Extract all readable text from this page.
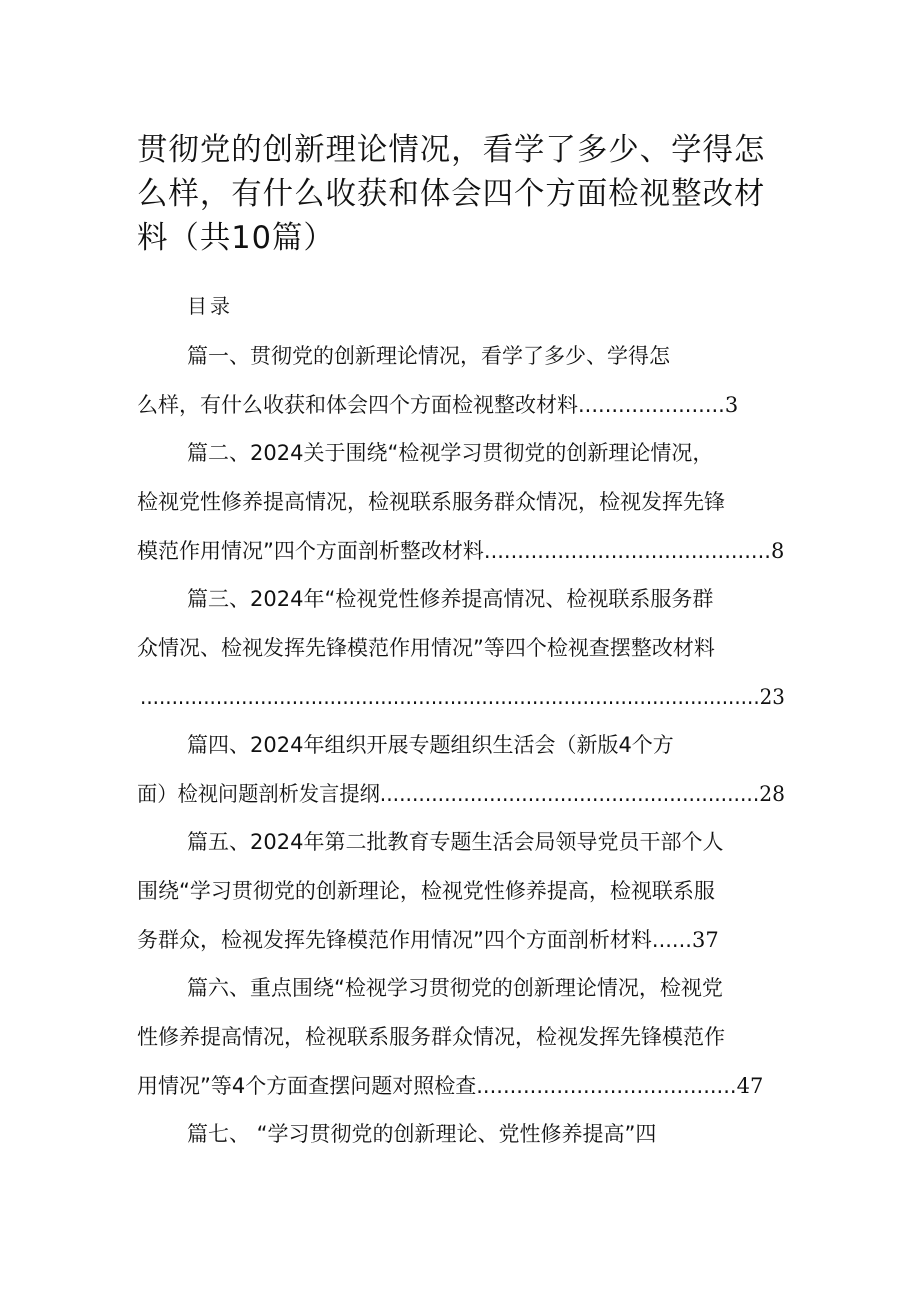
贯彻党的创新理论情况，看学了多少、学得怎
么样，有什么收获和体会四个方面检视整改材
料（共10篇）
目录
篇一、贯彻党的创新理论情况，看学了多少、学得怎
么样，有什么收获和体会四个方面检视整改材料......................3
篇二、2024关于围绕“检视学习贯彻党的创新理论情况，
检视党性修养提高情况，检视联系服务群众情况，检视发挥先锋
模范作用情况”四个方面剖析整改材料...........................................8
篇三、2024年“检视党性修养提高情况、检视联系服务群
众情况、检视发挥先锋模范作用情况”等四个检视查摆整改材料
..................................................................................................23
篇四、2024年组织开展专题组织生活会（新版4个方
面）检视问题剖析发言提纲...........................................................28
篇五、2024年第二批教育专题生活会局领导党员干部个人
围绕“学习贯彻党的创新理论，检视党性修养提高，检视联系服
务群众，检视发挥先锋模范作用情况”四个方面剖析材料......37
篇六、重点围绕“检视学习贯彻党的创新理论情况，检视党
性修养提高情况，检视联系服务群众情况，检视发挥先锋模范作
用情况”等4个方面查摆问题对照检查.......................................47
篇七、 “学习贯彻党的创新理论、党性修养提高”四
